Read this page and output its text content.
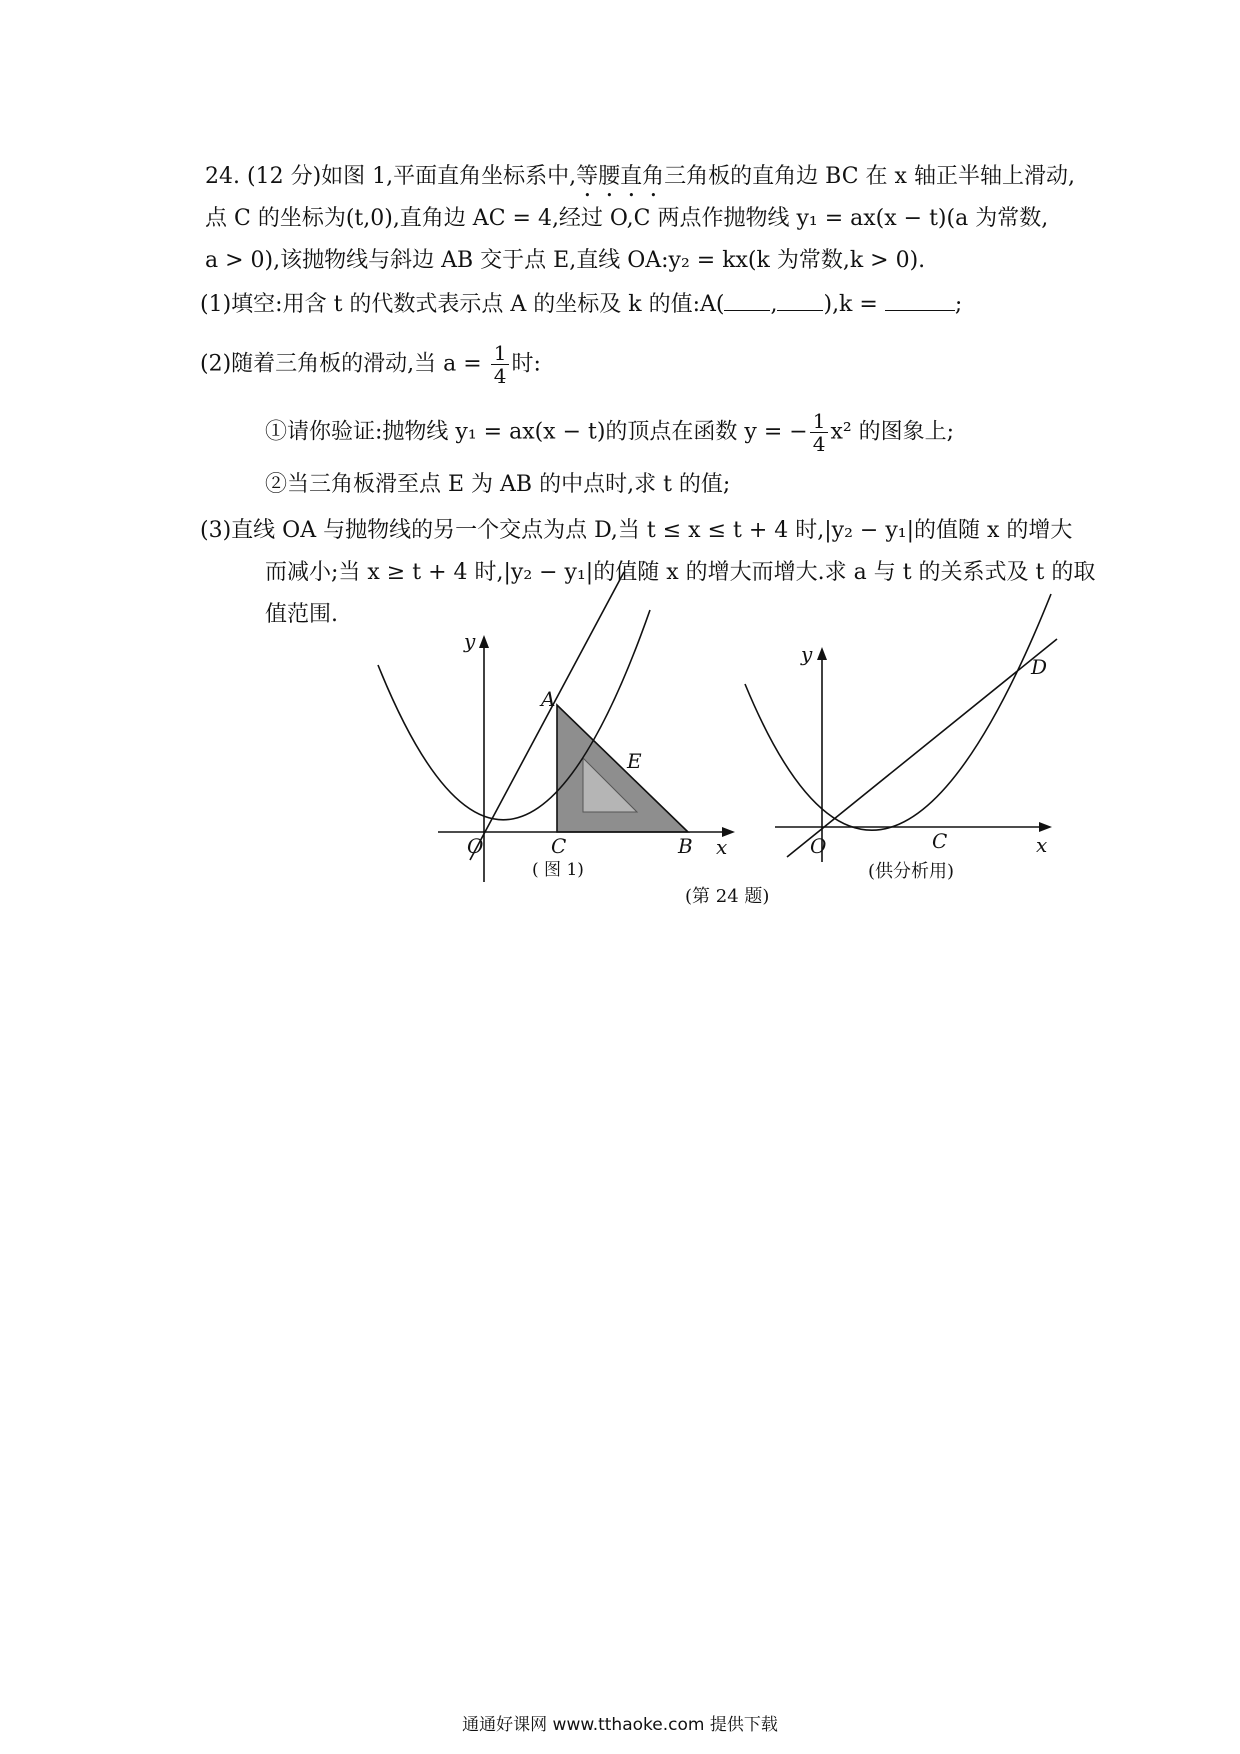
24. (12 分)如图 1,平面直角坐标系中,等腰直角三角板的直角边 BC 在 x 轴正半轴上滑动,
点 C 的坐标为(t,0),直角边 AC = 4,经过 O,C 两点作抛物线 y₁ = ax(x − t)(a 为常数,
a > 0),该抛物线与斜边 AB 交于点 E,直线 OA:y₂ = kx(k 为常数,k > 0).
(1)填空:用含 t 的代数式表示点 A 的坐标及 k 的值:A( , ),k =	;
(2)随着三角板的滑动,当 $a = \frac{1}{4}$ 时:
①请你验证:抛物线 y₁ = ax(x − t)的顶点在函数 y = − $\frac{1}{4} x^2$ 的图象上;
②当三角板滑至点 E 为 AB 的中点时,求 t 的值;
(3)直线 OA 与抛物线的另一个交点为点 D,当 t ≤ x ≤ t + 4 时,|y₂ − y₁|的值随 x 的增大
而减小;当 x ≥ t + 4 时,|y₂ − y₁|的值随 x 的增大而增大.求 a 与 t 的关系式及 t 的取
值范围.
y
A
E
O	C	B x
( 图 1)
y
D
O	C	x
(供分析用)
(第 24 题)
通通好课网 www.tthaoke.com 提供下载
